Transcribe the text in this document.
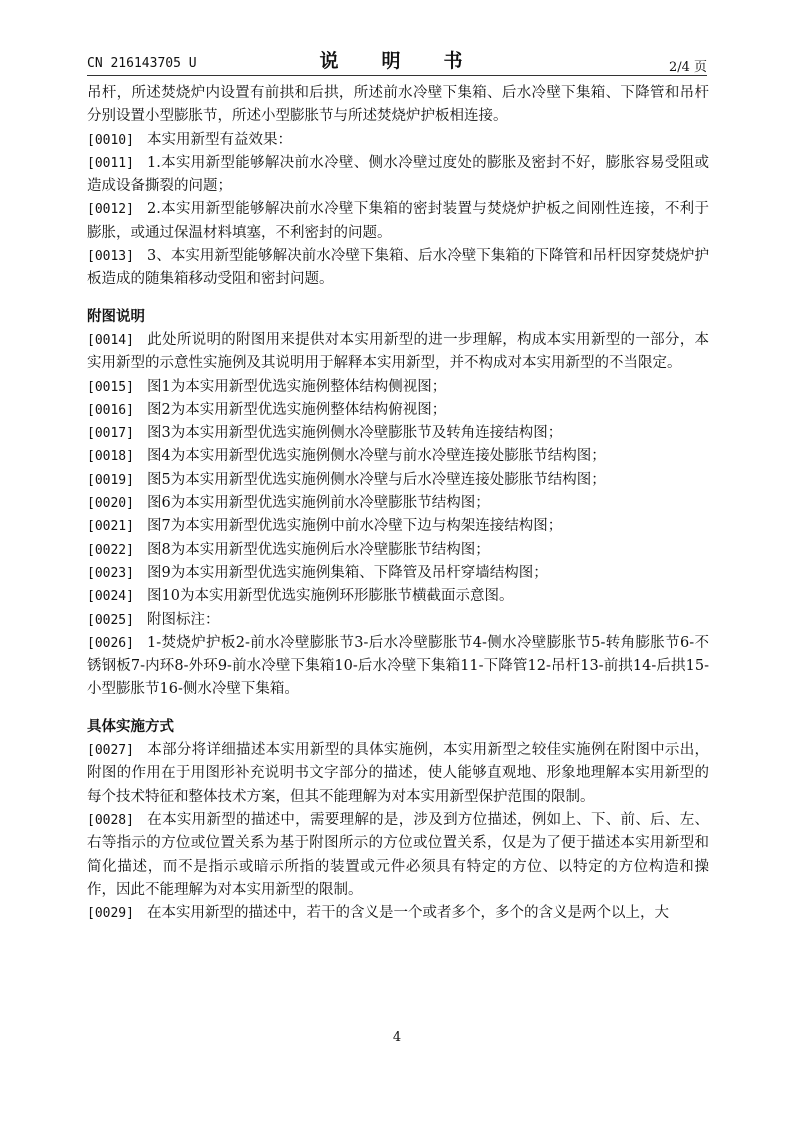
CN 216143705 U	说　明　书	2/4 页

吊杆，所述焚烧炉内设置有前拱和后拱，所述前水冷壁下集箱、后水冷壁下集箱、下降管和吊杆分别设置小型膨胀节，所述小型膨胀节与所述焚烧炉护板相连接。

[0010] 本实用新型有益效果：

[0011] 1.本实用新型能够解决前水冷壁、侧水冷壁过度处的膨胀及密封不好，膨胀容易受阻或造成设备撕裂的问题；

[0012] 2.本实用新型能够解决前水冷壁下集箱的密封装置与焚烧炉护板之间刚性连接，不利于膨胀，或通过保温材料填塞，不利密封的问题。

[0013] 3、本实用新型能够解决前水冷壁下集箱、后水冷壁下集箱的下降管和吊杆因穿焚烧炉护板造成的随集箱移动受阻和密封问题。

附图说明

[0014] 此处所说明的附图用来提供对本实用新型的进一步理解，构成本实用新型的一部分，本实用新型的示意性实施例及其说明用于解释本实用新型，并不构成对本实用新型的不当限定。

[0015] 图1为本实用新型优选实施例整体结构侧视图；

[0016] 图2为本实用新型优选实施例整体结构俯视图；

[0017] 图3为本实用新型优选实施例侧水冷壁膨胀节及转角连接结构图；

[0018] 图4为本实用新型优选实施例侧水冷壁与前水冷壁连接处膨胀节结构图；

[0019] 图5为本实用新型优选实施例侧水冷壁与后水冷壁连接处膨胀节结构图；

[0020] 图6为本实用新型优选实施例前水冷壁膨胀节结构图；

[0021] 图7为本实用新型优选实施例中前水冷壁下边与构架连接结构图；

[0022] 图8为本实用新型优选实施例后水冷壁膨胀节结构图；

[0023] 图9为本实用新型优选实施例集箱、下降管及吊杆穿墙结构图；

[0024] 图10为本实用新型优选实施例环形膨胀节横截面示意图。

[0025] 附图标注：

[0026] 1-焚烧炉护板2-前水冷壁膨胀节3-后水冷壁膨胀节4-侧水冷壁膨胀节5-转角膨胀节6-不锈钢板7-内环8-外环9-前水冷壁下集箱10-后水冷壁下集箱11-下降管12-吊杆13-前拱14-后拱15-小型膨胀节16-侧水冷壁下集箱。

具体实施方式

[0027] 本部分将详细描述本实用新型的具体实施例，本实用新型之较佳实施例在附图中示出，附图的作用在于用图形补充说明书文字部分的描述，使人能够直观地、形象地理解本实用新型的每个技术特征和整体技术方案，但其不能理解为对本实用新型保护范围的限制。

[0028] 在本实用新型的描述中，需要理解的是，涉及到方位描述，例如上、下、前、后、左、右等指示的方位或位置关系为基于附图所示的方位或位置关系，仅是为了便于描述本实用新型和简化描述，而不是指示或暗示所指的装置或元件必须具有特定的方位、以特定的方位构造和操作，因此不能理解为对本实用新型的限制。

[0029] 在本实用新型的描述中，若干的含义是一个或者多个，多个的含义是两个以上，大

4
